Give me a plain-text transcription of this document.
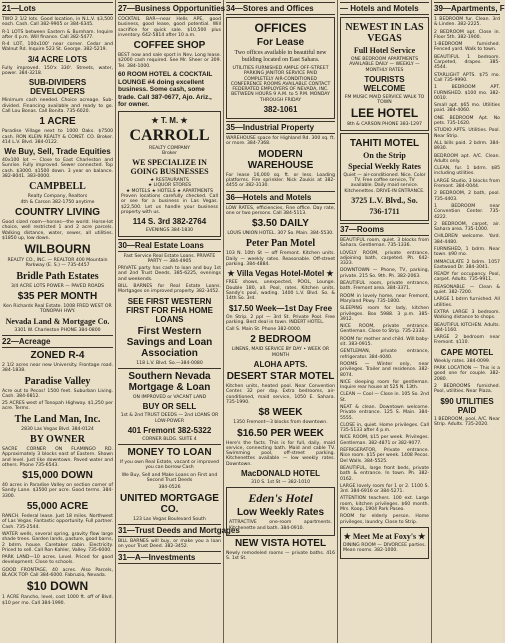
21—Lots

TWO 2 1/2 lots. Good location, in N.L.V. $3,500 each. Cash. Call 382-9905 or 384-6345.

R-1 LOTS between Eastern & Burnham. Inquire after 4 p.m. Will finance. Call 382-5477.

R-4 LOT, 100x100' near corner. Cedar and Walnut Rd. Inquire 523 St. George. 382-5219.

3/4 ACRE LOTS

Fully improved. 150'x 330'. Streets, water, power. 384-3218.

SUB-DIVIDERS DEVELOPERS

Minimum cash needed. Choice acreage. Sub-divided. Financing available and ready to go. Call Lou Bonas. Call Bonita. 735-6020.

1 ACRE

Paradise Village next to 1000 Oaks. $7500 cash. RON KLEIN REALTY & CONST. CO. Broker. 414 L.V. Blvd. 384-0122.

We Buy, Sell, Trade Equities

40x100 lot — Close to East Charleston and Sunrise. Fully improved. Sewer connected. Top cash. $3000. $1500 down. 3 year on balance. 382-8041. 383-0000.

CAMPBELL
Realty Company, Realtors
4th & Carson 382-1750 anytime
COUNTRY LIVING

Good sized room—horses—the world. Horse-lot choice, well restricted 1 and 2 acre parcels. Walking distance, water, sewer, all utilities. $1850 up, low down.

WILBOURN

REALTY CO., INC. — REALTOR 400 Mountain Parkway (E. S.) — 735-4457

Bridle Path Estates
3/4 ACRE LOTS POWER — PAVED ROADS
$35 PER MONTH

Ken Richards Real Estate. 1008 FRED WEST OR TONOPAH HWY.

Nevada Land & Mortgage Co.
3301 W. Charleston PHONE 384-0800
22—Acreage
ZONED R-4

2 1/2 acres near new University. Frontage road. 384-1838.

Paradise Valley

Acre out to Pecos! 1500 feet. Suburban Living. Cash. 384-0812.

25 ACRES west of Tonopah Highway. $1,250 per acre. Terms.

The Land Man, Inc.
2830 Las Vegas Blvd. 384-0124
BY OWNER

SACRE CORNER ON FLAMINGO RD. Approximately 3 blocks east of Eastern. Shown and level. Just like downtown. Paved water and others. Phone 735-6543.

$15,000 DOWN

40 acres in Paradise Valley on section corner of Sandy Lane. $3500 per acre. Good terms. 384-3300.

55,000 ACRE

RANCH. Federal lease. Just 18 miles. Northwest of Las Vegas. Fantastic opportunity. Full partner. Cash. 735-2544.

WATER wells, several spring, gravity flow large shade trees. Garden lands, pasture, good barns, 2 bdrm. house. Caretaker cabin. Electricity. Priced to sell. Call Ron Kahler, Valley. 735-6000.

PARK LAND—10 acres. Level. Priced for good development. Close to schools.

GOOD FRONTAGE, 40 acres. Also Parcels, BLACK TOP. Call 384-6000. Fabruzio, Nevada.

$10 DOWN

1 ACRE Rancho, level, cost 1000 ft. off of Blvd. $10 per mo. Call 384-1990.

27—Business Opportunities

COCKTAIL BAR—near Hells APE, good business, good lease, good potential. Will sacrifice for quick sale. $10,500 plus inventory. 642-5814 after 10 a.m.

COFFEE SHOP

BEST now and sale sport in Nev. Long lease. $2000 cash required. See Mr. Sheer or 309. Tel. 384-1000.

60 ROOM HOTEL & COCKTAIL LOUNGE #4 doing excellent business. Some cash, some trade. Call 387-0677, Ajo. Ariz., for owner.

★ T. M. ★
CARROLL
REALTY COMPANY
Broker
WE SPECIALIZE IN GOING BUSINESSES
★ RESTAURANTS
★ LIQUOR STORES
★ MOTELS ★ HOTELS ★ APARTMENTS

Proven locations carefully checked. Call or see for a business in Las Vegas. $22,500. Let us handle your business property with us.

114 S. 3rd 382-2764
EVENINGS 384-1830
30—Real Estate Loans

Fast Service Real Estate Loans. PRIVATE PARTY — 384-4905

PRIVATE party has cash to loan and buy 1st and 2nd Trust Deeds. 385-6225, evenings and weekends.

BILL BARNES for Real Estate Loans. Mortgages on improved property. 382-3452.

SEE FIRST WESTERN FIRST FOR FHA HOME LOANS
First Western Savings and Loan Association
118 L.V. Blvd. So.—384-0080
Southern Nevada Mortgage & Loan
ON IMPROVED or VACANT LAND
BUY OR SELL
1st & 2nd TRUST DEEDS — 2nd LOANS OR LOW-POWER
401 Fremont 382-5322
CORNER BLDG. SUITE 4
MONEY TO LOAN

If you own Real Estate, vacant or improved you can borrow Cash

We Buy, Sell and Make Loans on First and Second Trust Deeds

384-0526
UNITED MORTGAGE CO.
123 Las Vegas Boulevard South
31—Trust Deeds and Mortgages

BILL BARNES will buy, or make you a loan on your Trust Deed. 382-3452.

31—A—Investments
34—Stores and Offices
OFFICES
For Lease

Two offices available in beautiful new building located on East Sahara.

UTILITIES FURNISHED AMPLE OFF-STREET PARKING JANITOR SERVICE PAID COMPLETELY AIR-CONDITIONED CONFERENCE ROOMS AVAILABLE CONTACT FEDERATED EMPLOYERS OF NEVADA, INC. BETWEEN HOURS 9 A.M. to 5 P.M. MONDAY THROUGH FRIDAY

382-1061
35—Industrial Property

WAREHOUSE space for Highland Rd. 300 sq. ft. or more. 384-7368.

MODERN WAREHOUSE

For lease 16,000 sq. ft. or less. Loading platforms. Fire sprinkler. Nick Zoukis at 382-4455 or 382-3130.

36—Hotels and Motels

LOW RATES, efficiencies, Fine office. Day rate, one or two persons. Call 384-5113.

$3.50 DAILY

LOUIS UNION HOTEL. 307 So. Main. 384-5530.

Peter Pan Motel

103 N. 10th St — off Fremont. Kitchen units. Daily — weekly rates. Reasonable. Off-street parking. 384-4884.

★ Villa Vegas Hotel-Motel ★

FREE shows, unexpected, POOL, Lounge. Double 180, all. Pool, rates. Kitchen units. Sandy's pool, wading. 1400 L.V. Blvd. So. & 14th So. 3rd.

$17.50 Week—1st Day Free

On Strip. 2 ppl — 3rd St. Private Pool. Free parking. Best deal in town. INDERT HOTEL.

Call S. Main St. Phone 382-0000.

2 BEDROOM
LINENS, MAID SERVICE BY DAY • WEEK OR MONTH
ALOHA APTS.
DESERT STAR MOTEL

Kitchen units, heated pool. Near Convention Center. 32 per day. Extra bedrooms, air-conditioned, maid service, 1050 E. Sahara. 735-1990.

$8 WEEK

1350 Fremont—3 blocks from downtown.

$16.50 PER WEEK

Here's the facts. This is for full, daily, maid service, connecting bath. Maid and cable TV. Swimming pool, off-street parking. Kitchenettes available — low weekly rates. Downtown.

MacDONALD HOTEL
310 S. 1st St — 382-1010
Eden's Hotel
Low Weekly Rates

ATTRACTIVE one-room apartments. Kitchenette and bath. 384-0910.

NEW VISTA HOTEL

Newly remodeled rooms — private baths. 416 S. 1st St.

— Hotels and Motels
NEWEST IN LAS VEGAS
Full Hotel Service

ONE BEDROOM APARTMENTS AVAILABLE DAILY — WEEKLY — MONTHLY RATES

TOURISTS WELCOME

FM MUSIC MAID SERVICE WALK TO TOWN

LEE HOTEL
8th & CARSON PHONE 383-1297
TAHITI MOTEL
On the Strip
Special Weekly Rates

Quiet — air-conditioned. Nice. Color TV. Free coffee service, TV available. Daily maid service. Kitchenettes. DRIVE-IN ENTRANCE.

3725 L.V. Blvd., So.
736-1711
37—Rooms

BEAUTIFUL room, quiet. 3 blocks from Sahara. Gentleman. 735-1336.

LOVELY ROOM, private entrance, adjoining bath, carpeted. Ph. 642-3323.

DOWNTOWN — Phone, TV, parking, private. 215 So. 9th. Ph. 382-2063.

BEAUTIFUL room, private entrance, bath. Fremont area. 384-3371.

ROOM in lovely home, near Fremont, Maryland Pkwy. 735-1800.

SLEEPING room for lady, kitchen privileges. Box 5988. 3 p.m. 385-3912.

NICE ROOM, private entrance. Gentleman. Close to Strip. 735-2333.

ROOM for mother and child. Will baby-sit. 383-0915.

GENTLEMAN, private entrance, refrigerator. 384-4040.

ROOMS — Winter only, near privileges. Trailer and residence. 382-8074.

NICE sleeping room for gentleman. Inquire rear house at 525 N. 13th.

CLEAN — Cool — Close in. 105 So. 2nd St.

NEAT & clean. Downtown welcome. Private entrance. 125 S. Main. 384-5555.

CLOSE in, quiet. Home privileges. Call 735-5133 after 4 p.m.

NICE ROOM, $15 per week. Privileges. Gentleman. 382-4871 or 382-9077.

REFRIGERATOR, Private entrance. Nice room. $15 per week. 1408 Pecos. Del Walls. 384-5525.

BEAUTIFUL, large front beds, private bath & entrance. In town. Ph. 382-0162.

LARGE lovely room for 1 or 2. 1100 S. 3rd. 384-6916 or 384-5271.

ATTENTION teachers. 100 ext. Large room, kitchen privileges. $60 month. Mrs. Koop, 1904 Park Paseo.

ROOM for elderly person. Home privileges, laundry. Close to Strip.

★ Meet Me at Foxy's ★

DINING ROOM — DIVORCEE parties. Mean rooms. 382-1000.

39—Apartments, F

1 BEDROOM fur. Clean. 3rd & Linden. 382-2225.

2 BEDROOM apt. Close in. Floor 5th. 382-1900.

1-BEDROOM furnished. Fenced yard. Walk to town.

BEAUTIFUL 1 bedroom. Carpeted, drapes. 385-4544.

STARLIGHT APTS. $75 mo. Call 735-9990.

1 BEDROOM APT. FURNISHED. $100 mo. 382-0010.

Small apt. $65 mo. Utilities paid. 384-4060.

ONE BEDROOM Apt. No pets. 735-1620.

STUDIO APTS. Utilities. Pool. Near Strip.

ALL bills paid. 2 bdrm. 384-8930.

BEDROOM apt. A/C. Clean. Adults only.

CLEAN, fur. 1 bdrm. $85 including utilities.

LARGE Studio, 3 blocks from Fremont. 384-0044.

2 BEDROOM, 2 bath, pool. 735-4403.

1 BEDROOM near Convention Center. 735-4222.

2 BEDROOM, carpet, air. Sahara area. 735-1000.

CHILDREN welcome. Yard. 384-4480.

FURNISHED, 1 bdrm. Near town. $90 mo.

IMMACULATE 2 bdrm. 1057 Eastwood Dr. 384-3041.

READY for occupancy. Pool, carpet. Adults. 735-9911.

REASONABLE — Clean & quiet. 382-7200.

LARGE 1 bdrm furnished. All utilities.

EXTRA LARGE 3 bedroom. Walking distance to shops.

BEAUTIFUL KITCHEN. Adults. 384-1160.

LARGE 2 bedroom near Fremont. $110.

CAPE MOTEL

Weekly rates. 384-0099.

PARK LOCATION — This is a good one for couple. 382-2080.

2 BEDROOMS furnished. Pool, utilities. Near Plaza.

$90 UTILITIES PAID

1 BEDROOM, pool, A/C. Near Strip. Adults. 735-2020.
